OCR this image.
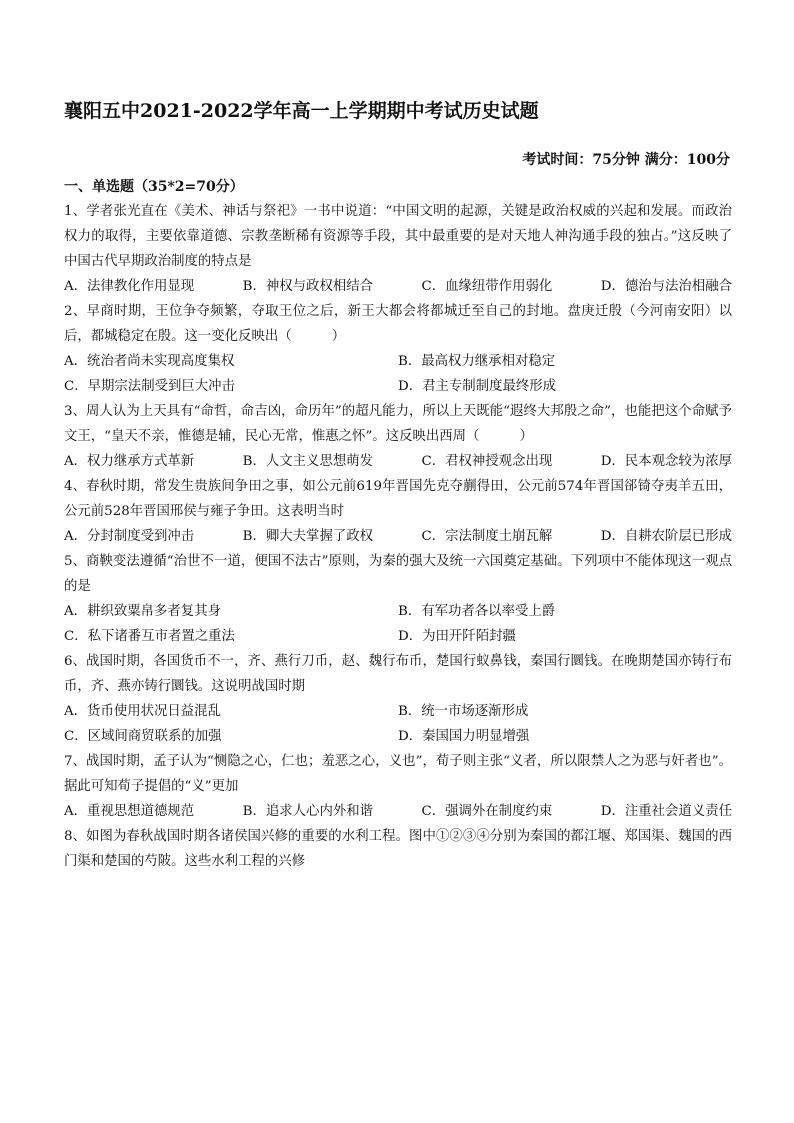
襄阳五中2021-2022学年高一上学期期中考试历史试题
考试时间：75分钟 满分：100分
一、单选题（35*2=70分）

1、学者张光直在《美术、神话与祭祀》一书中说道：“中国文明的起源，关键是政治权威的兴起和发展。而政治权力的取得，主要依靠道德、宗教垄断稀有资源等手段，其中最重要的是对天地人神沟通手段的独占。”这反映了中国古代早期政治制度的特点是

A．法律教化作用显现	B．神权与政权相结合	C．血缘纽带作用弱化	D．德治与法治相融合

2、早商时期，王位争夺频繁，夺取王位之后，新王大都会将都城迁至自己的封地。盘庚迁殷（今河南安阳）以后，都城稳定在殷。这一变化反映出（　　　）

A．统治者尚未实现高度集权	B．最高权力继承相对稳定
C．早期宗法制受到巨大冲击	D．君主专制制度最终形成

3、周人认为上天具有“命哲，命吉凶，命历年”的超凡能力，所以上天既能“遐终大邦殷之命”，也能把这个命赋予文王，“皇天不亲，惟德是辅，民心无常，惟惠之怀”。这反映出西周（　　　）

A．权力继承方式革新	B．人文主义思想萌发	C．君权神授观念出现	D．民本观念较为浓厚

4、春秋时期，常发生贵族间争田之事，如公元前619年晋国先克夺蒯得田，公元前574年晋国郤锜夺夷羊五田，公元前528年晋国邢侯与雍子争田。这表明当时

A．分封制度受到冲击	B．卿大夫掌握了政权	C．宗法制度土崩瓦解	D．自耕农阶层已形成

5、商鞅变法遵循“治世不一道，便国不法古”原则，为秦的强大及统一六国奠定基础。下列项中不能体现这一观点的是

A．耕织致粟帛多者复其身	B．有军功者各以率受上爵
C．私下诸番互市者置之重法	D．为田开阡陌封疆

6、战国时期，各国货币不一，齐、燕行刀币，赵、魏行布币，楚国行蚁鼻钱，秦国行圜钱。在晚期楚国亦铸行布币，齐、燕亦铸行圜钱。这说明战国时期

A．货币使用状况日益混乱	B．统一市场逐渐形成
C．区域间商贸联系的加强	D．秦国国力明显增强

7、战国时期，孟子认为“恻隐之心，仁也；羞恶之心，义也”，荀子则主张“义者，所以限禁人之为恶与奸者也”。据此可知荀子提倡的“义”更加

A．重视思想道德规范	B．追求人心内外和谐	C．强调外在制度约束	D．注重社会道义责任

8、如图为春秋战国时期各诸侯国兴修的重要的水利工程。图中①②③④分别为秦国的都江堰、郑国渠、魏国的西门渠和楚国的芍陂。这些水利工程的兴修
